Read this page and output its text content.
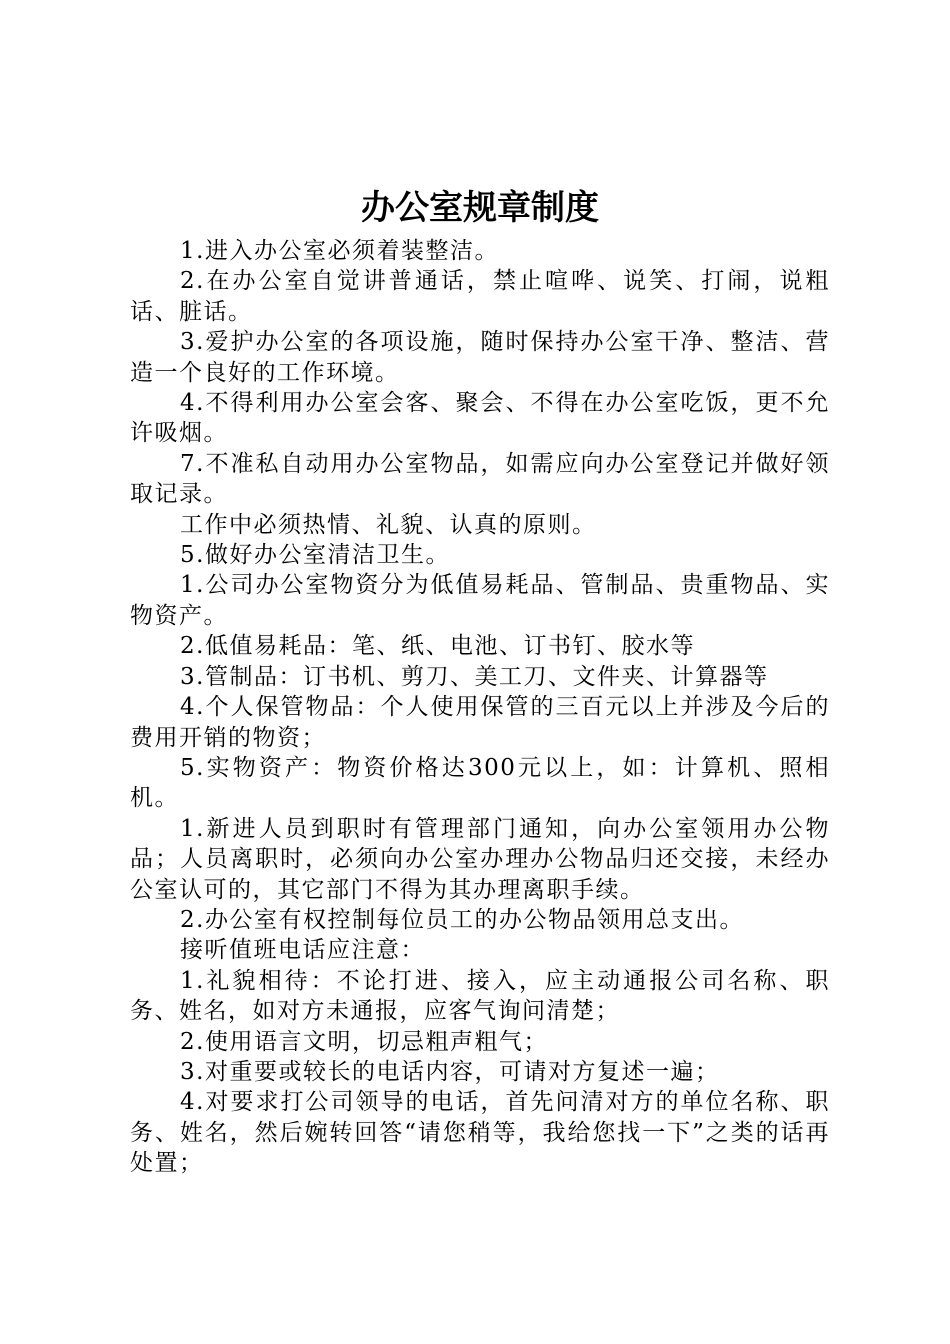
办公室规章制度

1.进入办公室必须着装整洁。

2.在办公室自觉讲普通话，禁止喧哗、说笑、打闹，说粗话、脏话。

3.爱护办公室的各项设施，随时保持办公室干净、整洁、营造一个良好的工作环境。

4.不得利用办公室会客、聚会、不得在办公室吃饭，更不允许吸烟。

7.不准私自动用办公室物品，如需应向办公室登记并做好领取记录。

工作中必须热情、礼貌、认真的原则。

5.做好办公室清洁卫生。

1.公司办公室物资分为低值易耗品、管制品、贵重物品、实物资产。

2.低值易耗品：笔、纸、电池、订书钉、胶水等

3.管制品：订书机、剪刀、美工刀、文件夹、计算器等

4.个人保管物品：个人使用保管的三百元以上并涉及今后的费用开销的物资；

5.实物资产：物资价格达300元以上，如：计算机、照相机。

1.新进人员到职时有管理部门通知，向办公室领用办公物品；人员离职时，必须向办公室办理办公物品归还交接，未经办公室认可的，其它部门不得为其办理离职手续。

2.办公室有权控制每位员工的办公物品领用总支出。

接听值班电话应注意：

1.礼貌相待：不论打进、接入，应主动通报公司名称、职务、姓名，如对方未通报，应客气询问清楚；

2.使用语言文明，切忌粗声粗气；

3.对重要或较长的电话内容，可请对方复述一遍；

4.对要求打公司领导的电话，首先问清对方的单位名称、职务、姓名，然后婉转回答“请您稍等，我给您找一下”之类的话再处置；
